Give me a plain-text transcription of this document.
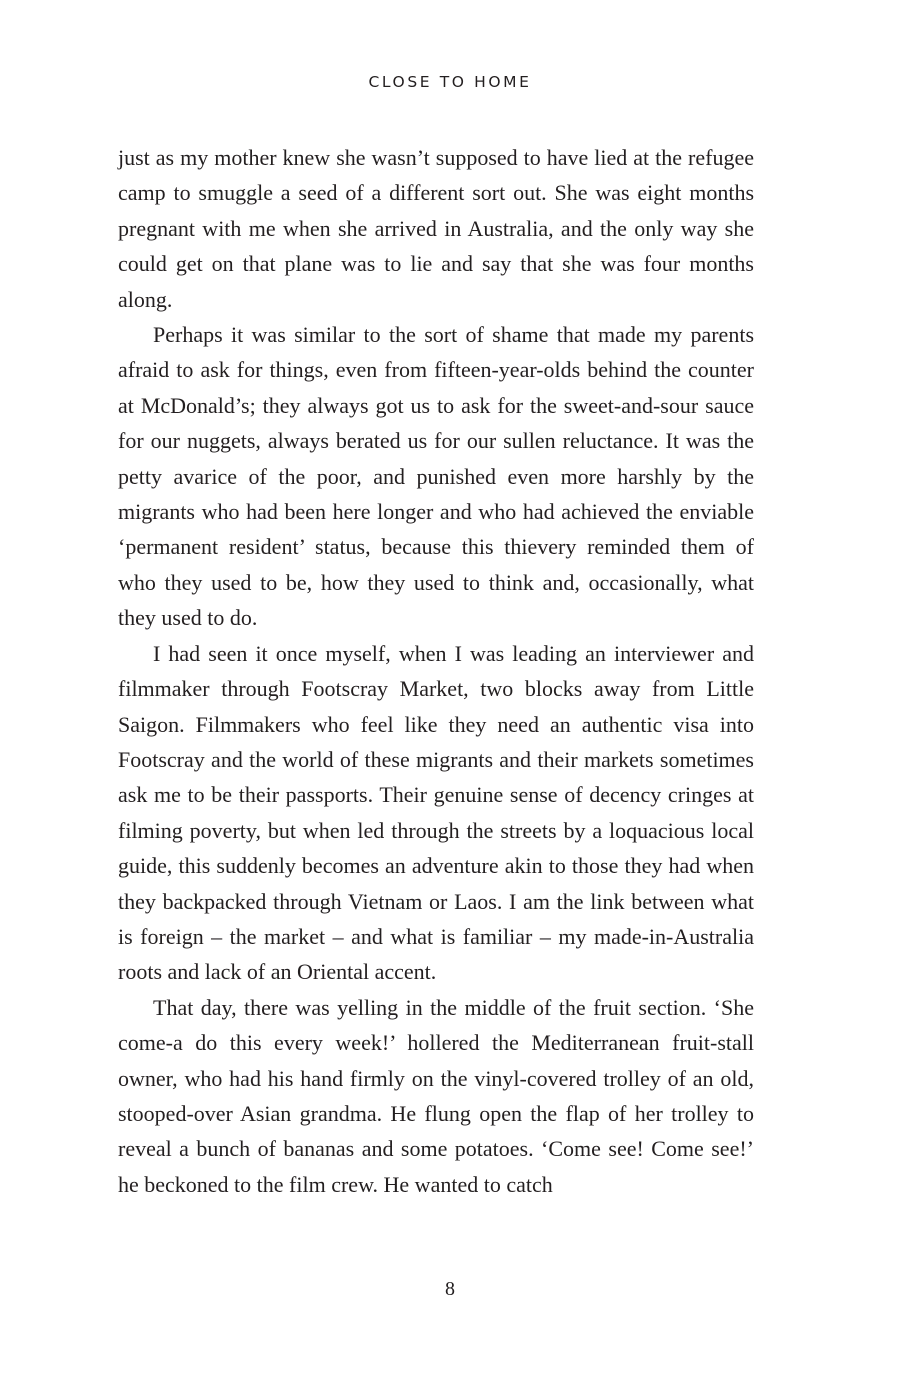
CLOSE TO HOME

just as my mother knew she wasn’t supposed to have lied at the refugee camp to smuggle a seed of a different sort out. She was eight months pregnant with me when she arrived in Australia, and the only way she could get on that plane was to lie and say that she was four months along.

Perhaps it was similar to the sort of shame that made my parents afraid to ask for things, even from fifteen-year-olds behind the counter at McDonald’s; they always got us to ask for the sweet-and-sour sauce for our nuggets, always berated us for our sullen reluctance. It was the petty avarice of the poor, and punished even more harshly by the migrants who had been here longer and who had achieved the enviable ‘permanent resident’ status, because this thievery reminded them of who they used to be, how they used to think and, occasionally, what they used to do.

I had seen it once myself, when I was leading an interviewer and filmmaker through Footscray Market, two blocks away from Little Saigon. Filmmakers who feel like they need an authentic visa into Footscray and the world of these migrants and their markets sometimes ask me to be their passports. Their genuine sense of decency cringes at filming poverty, but when led through the streets by a loquacious local guide, this suddenly becomes an adventure akin to those they had when they backpacked through Vietnam or Laos. I am the link between what is foreign – the market – and what is familiar – my made-in-Australia roots and lack of an Oriental accent.

That day, there was yelling in the middle of the fruit section. ‘She come-a do this every week!’ hollered the Mediterranean fruit-stall owner, who had his hand firmly on the vinyl-covered trolley of an old, stooped-over Asian grandma. He flung open the flap of her trolley to reveal a bunch of bananas and some potatoes. ‘Come see! Come see!’ he beckoned to the film crew. He wanted to catch

8
